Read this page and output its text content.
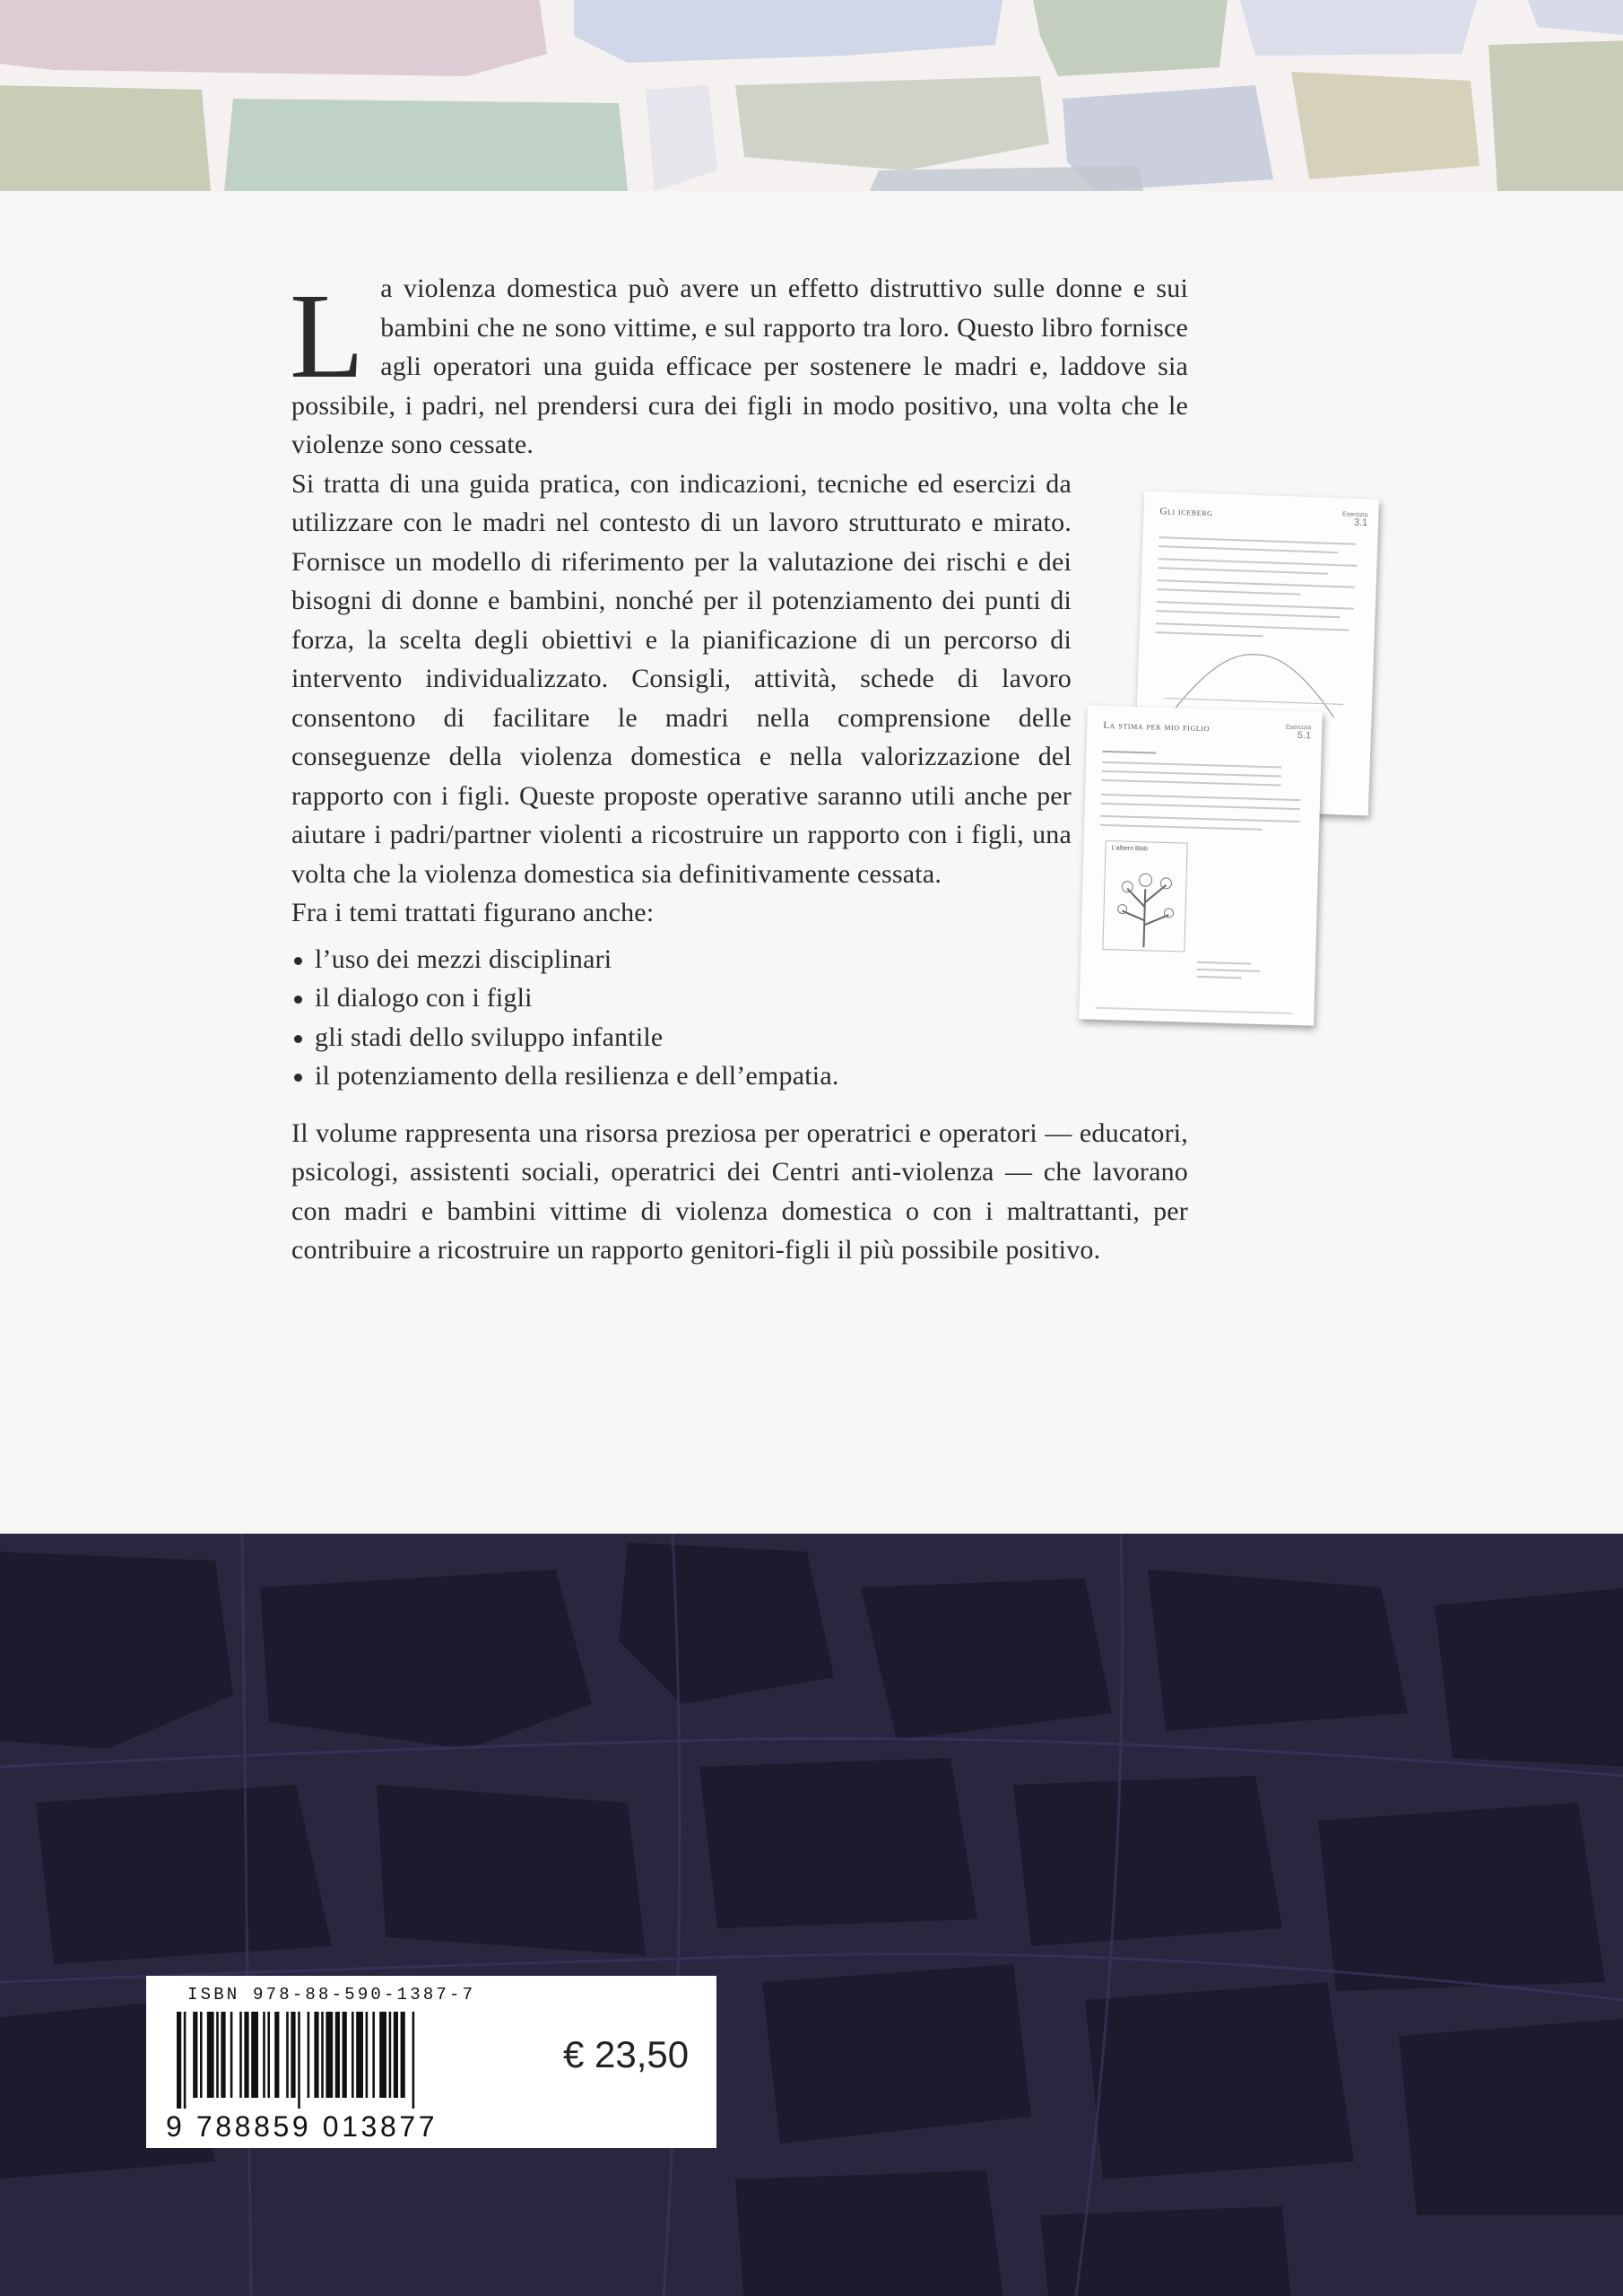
La violenza domestica può avere un effetto distruttivo sulle donne e sui bambini che ne sono vittime, e sul rapporto tra loro. Questo libro fornisce agli operatori una guida efficace per sostenere le madri e, laddove sia possibile, i padri, nel prendersi cura dei figli in modo positivo, una volta che le violenze sono cessate.

Si tratta di una guida pratica, con indicazioni, tecniche ed esercizi da utilizzare con le madri nel contesto di un lavoro strutturato e mirato. Fornisce un modello di riferimento per la valutazione dei rischi e dei bisogni di donne e bambini, nonché per il potenziamento dei punti di forza, la scelta degli obiettivi e la pianificazione di un percorso di intervento individualizzato. Consigli, attività, schede di lavoro consentono di facilitare le madri nella comprensione delle conseguenze della violenza domestica e nella valorizzazione del rapporto con i figli. Queste proposte operative saranno utili anche per aiutare i padri/partner violenti a ricostruire un rapporto con i figli, una volta che la violenza domestica sia definitivamente cessata.

Fra i temi trattati figurano anche:

l’uso dei mezzi disciplinari
il dialogo con i figli
gli stadi dello sviluppo infantile
il potenziamento della resilienza e dell’empatia.

Il volume rappresenta una risorsa preziosa per operatrici e operatori — educatori, psicologi, assistenti sociali, operatrici dei Centri anti-violenza — che lavorano con madri e bambini vittime di violenza domestica o con i maltrattanti, per contribuire a ricostruire un rapporto genitori-figli il più possibile positivo.

Gli iceberg	Esercizio
3.1
La stima per mio figlio	Esercizio
5.1
L’albero Blob
ISBN 978-88-590-1387-7
9 788859 013877
€ 23,50
